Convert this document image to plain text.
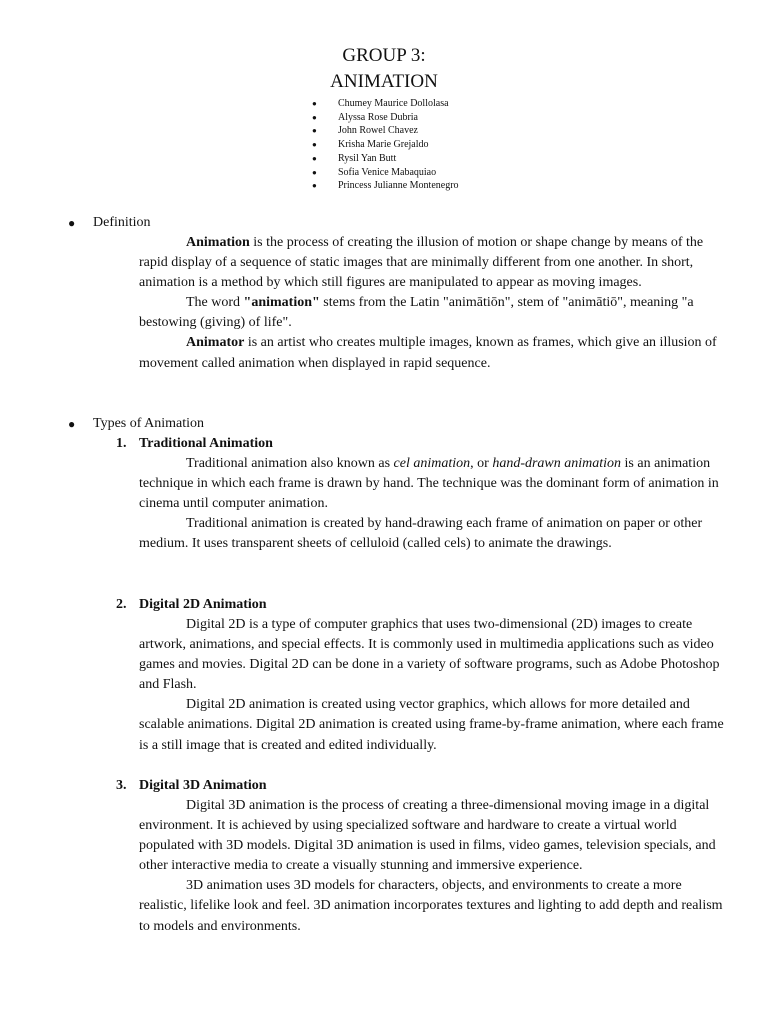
GROUP 3:
ANIMATION
● Chumey Maurice Dollolasa
● Alyssa Rose Dubria
● John Rowel Chavez
● Krisha Marie Grejaldo
● Rysil Yan Butt
● Sofia Venice Mabaquiao
● Princess Julianne Montenegro
● Definition

Animation is the process of creating the illusion of motion or shape change by means of the rapid display of a sequence of static images that are minimally different from one another. In short, animation is a method by which still figures are manipulated to appear as moving images.

The word "animation" stems from the Latin "animātiōn", stem of "animātiō", meaning "a bestowing (giving) of life".

Animator is an artist who creates multiple images, known as frames, which give an illusion of movement called animation when displayed in rapid sequence.

● Types of Animation
1. Traditional Animation

Traditional animation also known as cel animation, or hand-drawn animation is an animation technique in which each frame is drawn by hand. The technique was the dominant form of animation in cinema until computer animation.

Traditional animation is created by hand-drawing each frame of animation on paper or other medium. It uses transparent sheets of celluloid (called cels) to animate the drawings.

2. Digital 2D Animation

Digital 2D is a type of computer graphics that uses two-dimensional (2D) images to create artwork, animations, and special effects. It is commonly used in multimedia applications such as video games and movies. Digital 2D can be done in a variety of software programs, such as Adobe Photoshop and Flash.

Digital 2D animation is created using vector graphics, which allows for more detailed and scalable animations. Digital 2D animation is created using frame-by-frame animation, where each frame is a still image that is created and edited individually.

3. Digital 3D Animation

Digital 3D animation is the process of creating a three-dimensional moving image in a digital environment. It is achieved by using specialized software and hardware to create a virtual world populated with 3D models. Digital 3D animation is used in films, video games, television specials, and other interactive media to create a visually stunning and immersive experience.

3D animation uses 3D models for characters, objects, and environments to create a more realistic, lifelike look and feel. 3D animation incorporates textures and lighting to add depth and realism to models and environments.
